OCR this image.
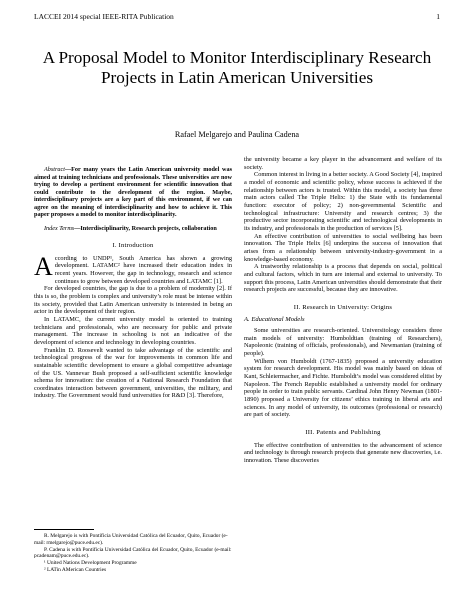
LACCEI 2014 special IEEE-RITA Publication	1
A Proposal Model to Monitor Interdisciplinary Research Projects in Latin American Universities
Rafael Melgarejo and Paulina Cadena

Abstract—For many years the Latin American university model was aimed at training technicians and professionals. These universities are now trying to develop a pertinent environment for scientific innovation that could contribute to the development of the region. Maybe, interdisciplinary projects are a key part of this environment, if we can agree on the meaning of interdisciplinarity and how to achieve it. This paper proposes a model to monitor interdisciplinarity.

Index Terms—Interdisciplinarity, Research projects, collaboration

I. Introduction

According to UNDP¹, South America has shown a growing development. LATAMC² have increased their education index in recent years. However, the gap in technology, research and science continues to grow between developed countries and LATAMC [1].

For developed countries, the gap is due to a problem of modernity [2]. If this is so, the problem is complex and university’s role must be intense within its society, provided that Latin American university is interested in being an actor in the development of their region.

In LATAMC, the current university model is oriented to training technicians and professionals, who are necessary for public and private management. The increase in schooling is not an indicative of the development of science and technology in developing countries.

Franklin D. Roosevelt wanted to take advantage of the scientific and technological progress of the war for improvements in common life and sustainable scientific development to ensure a global competitive advantage of the US. Vannevar Bush proposed a self-sufficient scientific knowledge schema for innovation: the creation of a National Research Foundation that coordinates interaction between government, universities, the military, and industry. The Government would fund universities for R&D [3]. Therefore,

R. Melgarejo is with Pontificia Universidad Católica del Ecuador, Quito, Ecuador (e-mail: rmelgarejo@puce.edu.ec).

P. Cadena is with Pontificia Universidad Católica del Ecuador, Quito, Ecuador (e-mail: pcadenam@puce.edu.ec).

¹ United Nations Development Programme

² LATin AMerican Countries

the university became a key player in the advancement and welfare of its society.

Common interest in living in a better society. A Good Society [4], inspired a model of economic and scientific policy, whose success is achieved if the relationship between actors is trusted. Within this model, a society has three main actors called The Triple Helix: 1) the State with its fundamental function: executor of policy; 2) non-governmental Scientific and technological infrastructure: University and research centres; 3) the productive sector incorporating scientific and technological developments in its industry, and professionals in the production of services [5].

An effective contribution of universities to social wellbeing has been innovation. The Triple Helix [6] underpins the success of innovation that arises from a relationship between university-industry-government in a knowledge-based economy.

A trustworthy relationship is a process that depends on social, political and cultural factors, which in turn are internal and external to university. To support this process, Latin American universities should demonstrate that their research projects are successful, because they are innovative.

II. Research in University: Origins
A. Educational Models

Some universities are research-oriented. Universitology considers three main models of university: Humboldtian (training of Researchers), Napoleonic (training of officials, professionals), and Newmanian (training of people).

Wilhem von Humboldt (1767-1835) proposed a university education system for research development. His model was mainly based on ideas of Kant, Schleiermacher, and Fichte. Humboldt’s model was considered elitist by Napoleon. The French Republic established a university model for ordinary people in order to train public servants. Cardinal John Henry Newman (1801-1890) proposed a University for citizens’ ethics training in liberal arts and sciences. In any model of university, its outcomes (professional or research) are part of society.

III. Patents and Publishing

The effective contribution of universities to the advancement of science and technology is through research projects that generate new discoveries, i.e. innovation. These discoveries
